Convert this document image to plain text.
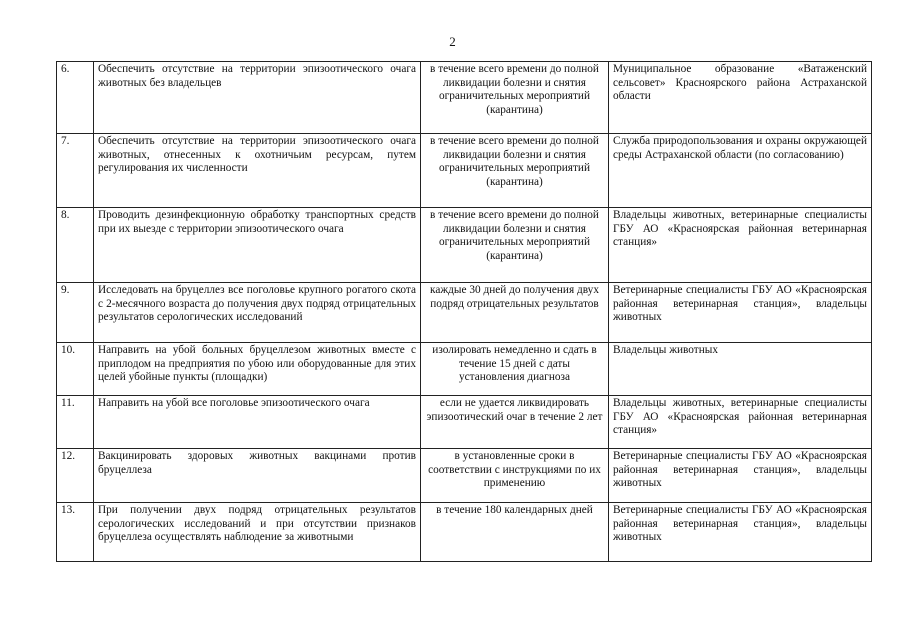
2
6.	Обеспечить отсутствие на территории эпизоотического очага животных без владельцев	в течение всего времени до полной ликвидации болезни и снятия ограничительных мероприятий (карантина)	Муниципальное образование «Ватаженский сельсовет» Красноярского района Астраханской области
7.	Обеспечить отсутствие на территории эпизоотического очага животных, отнесенных к охотничьим ресурсам, путем регулирования их численности	в течение всего времени до полной ликвидации болезни и снятия ограничительных мероприятий (карантина)	Служба природопользования и охраны окружающей среды Астраханской области (по согласованию)
8.	Проводить дезинфекционную обработку транспортных средств при их выезде с территории эпизоотического очага	в течение всего времени до полной ликвидации болезни и снятия ограничительных мероприятий (карантина)	Владельцы животных, ветеринарные специалисты ГБУ АО «Красноярская районная ветеринарная станция»
9.	Исследовать на бруцеллез все поголовье крупного рогатого скота с 2-месячного возраста до получения двух подряд отрицательных результатов серологических исследований	каждые 30 дней до получения двух подряд отрицательных результатов	Ветеринарные специалисты ГБУ АО «Красноярская районная ветеринарная станция», владельцы животных
10.	Направить на убой больных бруцеллезом животных вместе с приплодом на предприятия по убою или оборудованные для этих целей убойные пункты (площадки)	изолировать немедленно и сдать в течение 15 дней с даты установления диагноза	Владельцы животных
11.	Направить на убой все поголовье эпизоотического очага	если не удается ликвидировать эпизоотический очаг в течение 2 лет	Владельцы животных, ветеринарные специалисты ГБУ АО «Красноярская районная ветеринарная станция»
12.	Вакцинировать здоровых животных вакцинами против бруцеллеза	в установленные сроки в соответствии с инструкциями по их применению	Ветеринарные специалисты ГБУ АО «Красноярская районная ветеринарная станция», владельцы животных
13.	При получении двух подряд отрицательных результатов серологических исследований и при отсутствии признаков бруцеллеза осуществлять наблюдение за животными	в течение 180 календарных дней	Ветеринарные специалисты ГБУ АО «Красноярская районная ветеринарная станция», владельцы животных
